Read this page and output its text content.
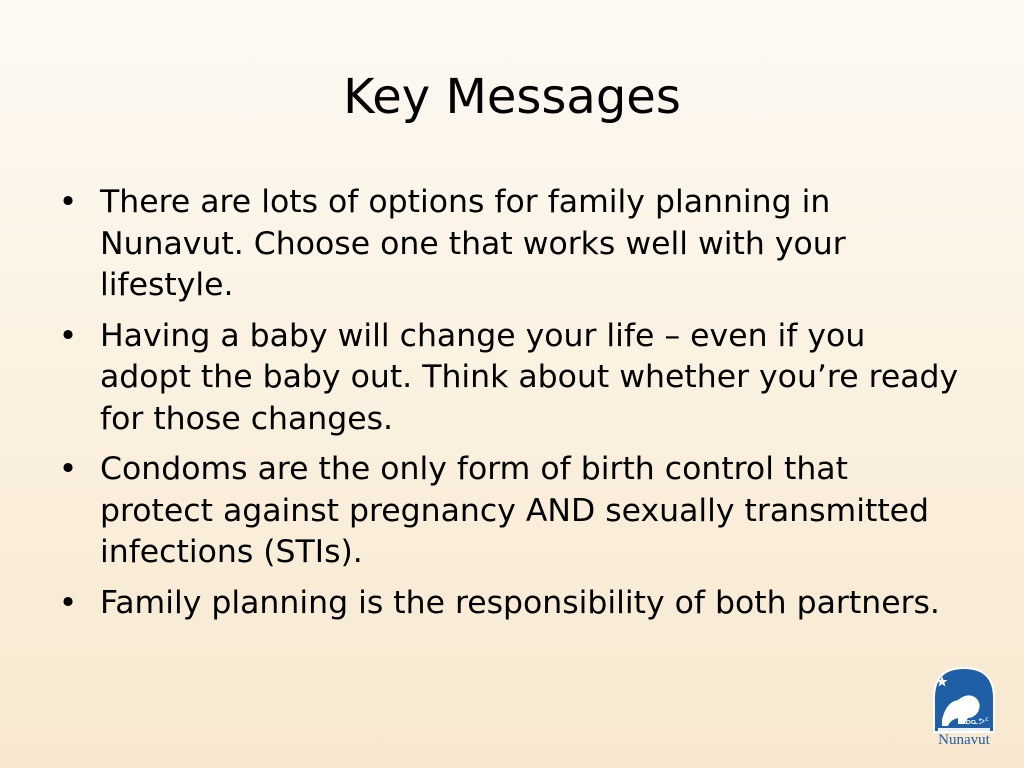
Key Messages
• There are lots of options for family planning in Nunavut. Choose one that works well with your lifestyle.
• Having a baby will change your life – even if you adopt the baby out. Think about whether you’re ready for those changes.
• Condoms are the only form of birth control that protect against pregnancy AND sexually transmitted infections (STIs).
• Family planning is the responsibility of both partners.
ᓄᓇᕗᑦ
Nunavut
